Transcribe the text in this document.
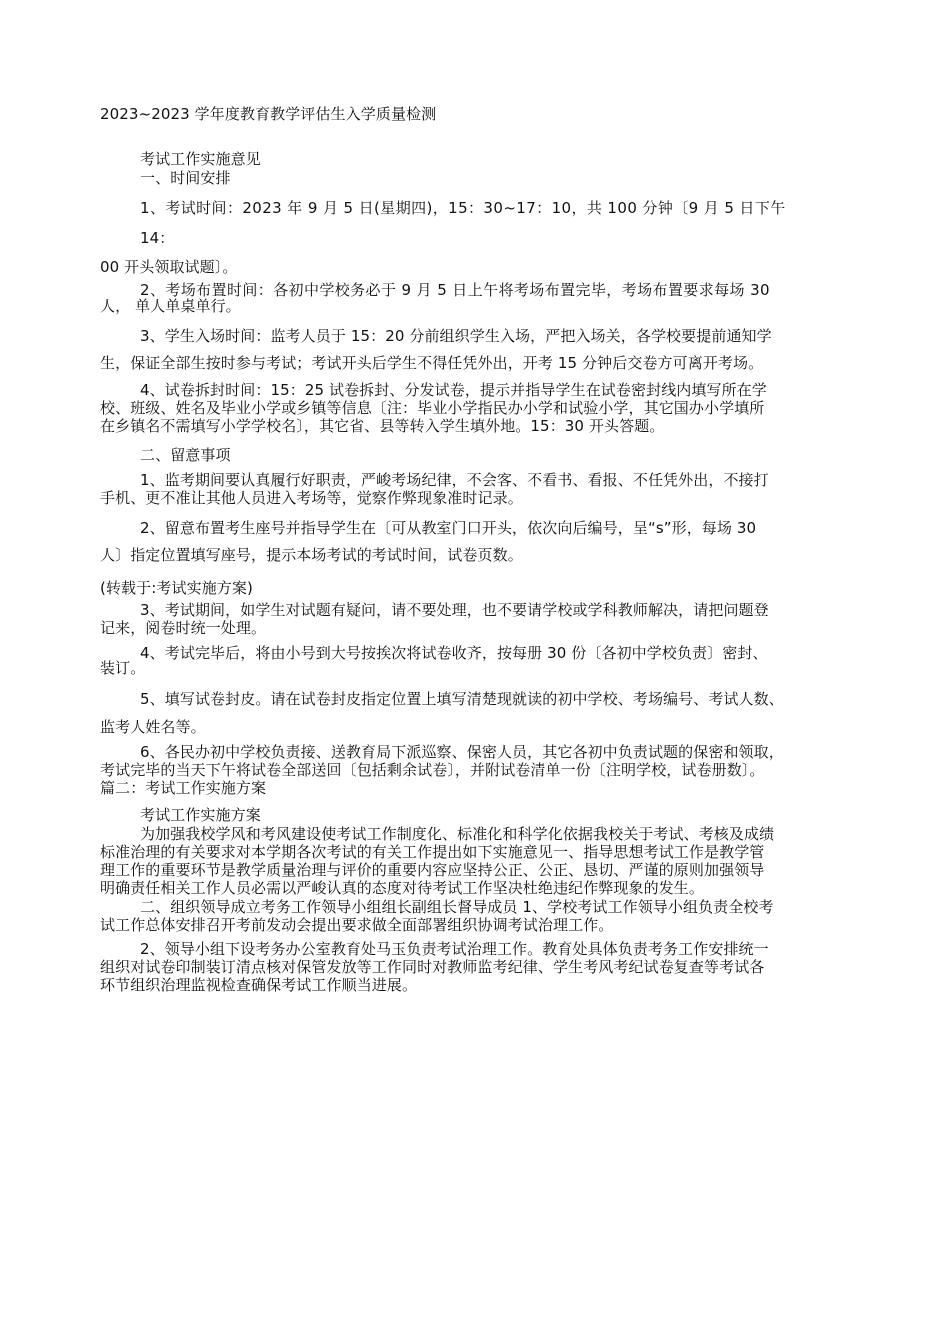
2023~2023 学年度教育教学评估生入学质量检测
考试工作实施意见
一、时间安排
1、考试时间：2023 年 9 月 5 日(星期四)，15：30~17：10，共 100 分钟〔9 月 5 日下午
14：
00 开头领取试题〕。
2、考场布置时间：各初中学校务必于 9 月 5 日上午将考场布置完毕，考场布置要求每场 30
人， 单人单桌单行。
3、学生入场时间：监考人员于 15：20 分前组织学生入场，严把入场关，各学校要提前通知学
生，保证全部生按时参与考试；考试开头后学生不得任凭外出，开考 15 分钟后交卷方可离开考场。
4、试卷拆封时间：15：25 试卷拆封、分发试卷，提示并指导学生在试卷密封线内填写所在学
校、班级、姓名及毕业小学或乡镇等信息〔注：毕业小学指民办小学和试验小学，其它国办小学填所
在乡镇名不需填写小学学校名〕，其它省、县等转入学生填外地。15：30 开头答题。
二、留意事项
1、监考期间要认真履行好职责，严峻考场纪律，不会客、不看书、看报、不任凭外出，不接打
手机、更不准让其他人员进入考场等，觉察作弊现象准时记录。
2、留意布置考生座号并指导学生在〔可从教室门口开头，依次向后编号，呈“s”形，每场 30
人〕指定位置填写座号，提示本场考试的考试时间，试卷页数。
(转载于:考试实施方案)
3、考试期间，如学生对试题有疑问，请不要处理，也不要请学校或学科教师解决，请把问题登
记来，阅卷时统一处理。
4、考试完毕后，将由小号到大号按挨次将试卷收齐，按每册 30 份〔各初中学校负责〕密封、
装订。
5、填写试卷封皮。请在试卷封皮指定位置上填写清楚现就读的初中学校、考场编号、考试人数、
监考人姓名等。
6、各民办初中学校负责接、送教育局下派巡察、保密人员，其它各初中负责试题的保密和领取，
考试完毕的当天下午将试卷全部送回〔包括剩余试卷〕，并附试卷清单一份〔注明学校，试卷册数〕。
篇二：考试工作实施方案
考试工作实施方案
为加强我校学风和考风建设使考试工作制度化、标准化和科学化依据我校关于考试、考核及成绩
标准治理的有关要求对本学期各次考试的有关工作提出如下实施意见一、指导思想考试工作是教学管
理工作的重要环节是教学质量治理与评价的重要内容应坚持公正、公正、恳切、严谨的原则加强领导
明确责任相关工作人员必需以严峻认真的态度对待考试工作坚决杜绝违纪作弊现象的发生。
二、组织领导成立考务工作领导小组组长副组长督导成员 1、学校考试工作领导小组负责全校考
试工作总体安排召开考前发动会提出要求做全面部署组织协调考试治理工作。
2、领导小组下设考务办公室教育处马玉负责考试治理工作。教育处具体负责考务工作安排统一
组织对试卷印制装订清点核对保管发放等工作同时对教师监考纪律、学生考风考纪试卷复查等考试各
环节组织治理监视检查确保考试工作顺当进展。
